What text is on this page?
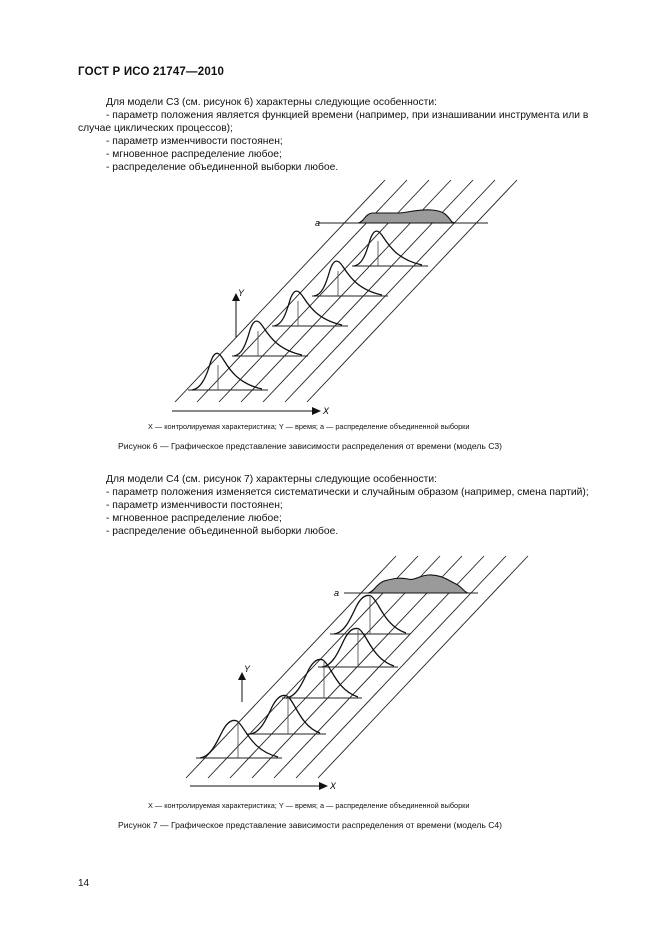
ГОСТ Р ИСО 21747—2010

Для модели С3 (см. рисунок 6) характерны следующие особенности:

- параметр положения является функцией времени (например, при изнашивании инструмента или в случае циклических процессов);

- параметр изменчивости постоянен;

- мгновенное распределение любое;

- распределение объединенной выборки любое.

a
Y
X
X — контролируемая характеристика; Y — время; a — распределение объединенной выборки
Рисунок 6 — Графическое представление зависимости распределения от времени (модель С3)

Для модели С4 (см. рисунок 7) характерны следующие особенности:

- параметр положения изменяется систематически и случайным образом (например, смена партий);

- параметр изменчивости постоянен;

- мгновенное распределение любое;

- распределение объединенной выборки любое.

a
Y
X
X — контролируемая характеристика; Y — время; a — распределение объединенной выборки
Рисунок 7 — Графическое представление зависимости распределения от времени (модель С4)
14
